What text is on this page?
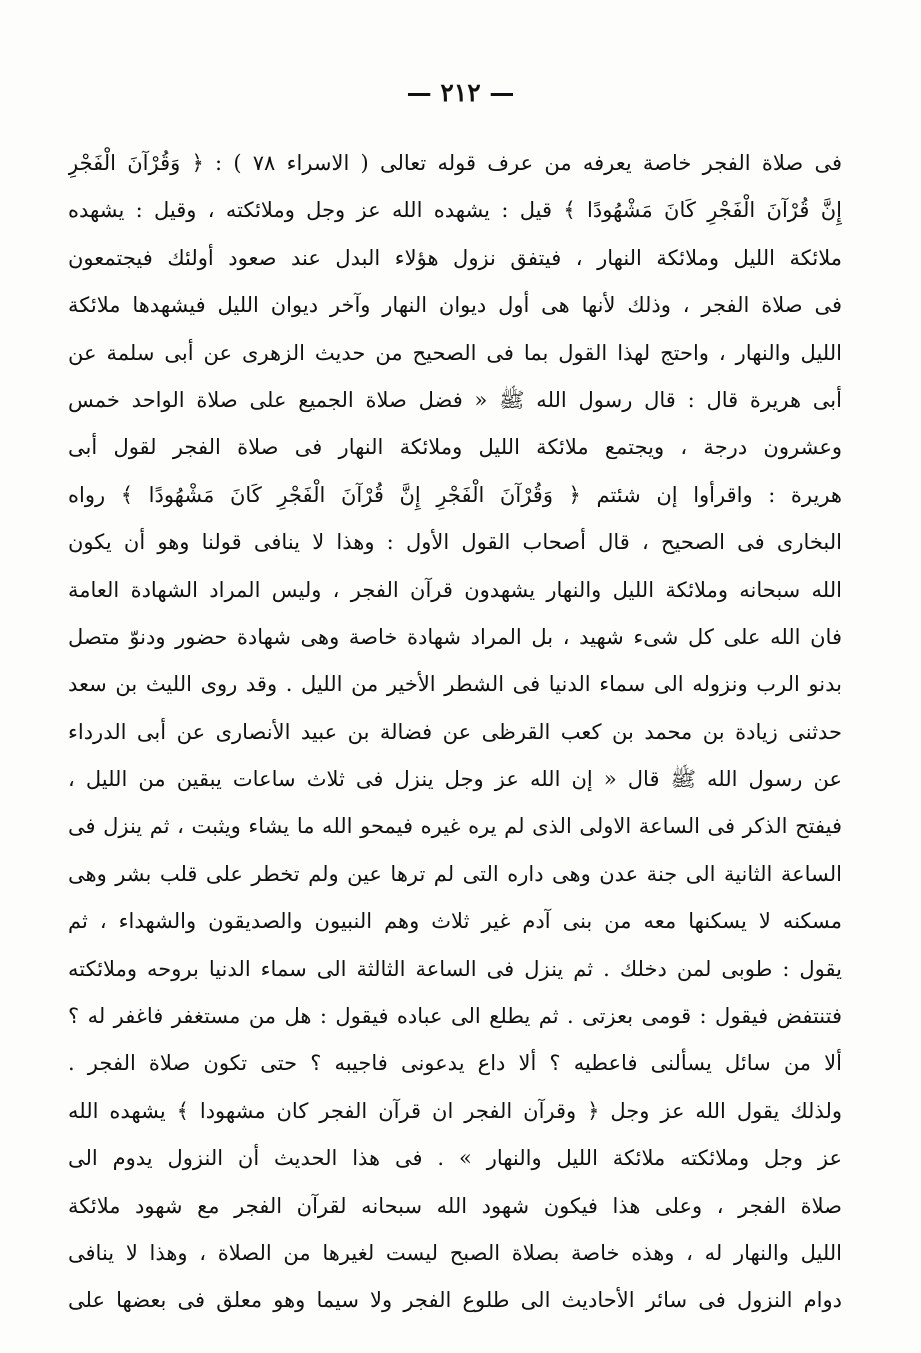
— ٢١٢ —
فى صلاة الفجر خاصة يعرفه من عرف قوله تعالى ( الاسراء ٧٨ ) : ﴿ وَقُرْآنَ الْفَجْرِ
إِنَّ قُرْآنَ الْفَجْرِ كَانَ مَشْهُودًا ﴾ قيل : يشهده الله عز وجل وملائكته ، وقيل : يشهده
ملائكة الليل وملائكة النهار ، فيتفق نزول هؤلاء البدل عند صعود أولئك فيجتمعون
فى صلاة الفجر ، وذلك لأنها هى أول ديوان النهار وآخر ديوان الليل فيشهدها ملائكة
الليل والنهار ، واحتج لهذا القول بما فى الصحيح من حديث الزهرى عن أبى سلمة عن
أبى هريرة قال : قال رسول الله ﷺ « فضل صلاة الجميع على صلاة الواحد خمس
وعشرون درجة ، ويجتمع ملائكة الليل وملائكة النهار فى صلاة الفجر لقول أبى
هريرة : واقرأوا إن شئتم ﴿ وَقُرْآنَ الْفَجْرِ إِنَّ قُرْآنَ الْفَجْرِ كَانَ مَشْهُودًا ﴾ رواه
البخارى فى الصحيح ، قال أصحاب القول الأول : وهذا لا ينافى قولنا وهو أن يكون
الله سبحانه وملائكة الليل والنهار يشهدون قرآن الفجر ، وليس المراد الشهادة العامة
فان الله على كل شىء شهيد ، بل المراد شهادة خاصة وهى شهادة حضور ودنوّ متصل
بدنو الرب ونزوله الى سماء الدنيا فى الشطر الأخير من الليل . وقد روى الليث بن سعد
حدثنى زيادة بن محمد بن كعب القرظى عن فضالة بن عبيد الأنصارى عن أبى الدرداء
عن رسول الله ﷺ قال « إن الله عز وجل ينزل فى ثلاث ساعات يبقين من الليل ،
فيفتح الذكر فى الساعة الاولى الذى لم يره غيره فيمحو الله ما يشاء ويثبت ، ثم ينزل فى
الساعة الثانية الى جنة عدن وهى داره التى لم ترها عين ولم تخطر على قلب بشر وهى
مسكنه لا يسكنها معه من بنى آدم غير ثلاث وهم النبيون والصديقون والشهداء ، ثم
يقول : طوبى لمن دخلك . ثم ينزل فى الساعة الثالثة الى سماء الدنيا بروحه وملائكته
فتنتفض فيقول : قومى بعزتى . ثم يطلع الى عباده فيقول : هل من مستغفر فاغفر له ؟
ألا من سائل يسألنى فاعطيه ؟ ألا داع يدعونى فاجيبه ؟ حتى تكون صلاة الفجر .
ولذلك يقول الله عز وجل ﴿ وقرآن الفجر ان قرآن الفجر كان مشهودا ﴾ يشهده الله
عز وجل وملائكته ملائكة الليل والنهار » . فى هذا الحديث أن النزول يدوم الى
صلاة الفجر ، وعلى هذا فيكون شهود الله سبحانه لقرآن الفجر مع شهود ملائكة
الليل والنهار له ، وهذه خاصة بصلاة الصبح ليست لغيرها من الصلاة ، وهذا لا ينافى
دوام النزول فى سائر الأحاديث الى طلوع الفجر ولا سيما وهو معلق فى بعضها على
